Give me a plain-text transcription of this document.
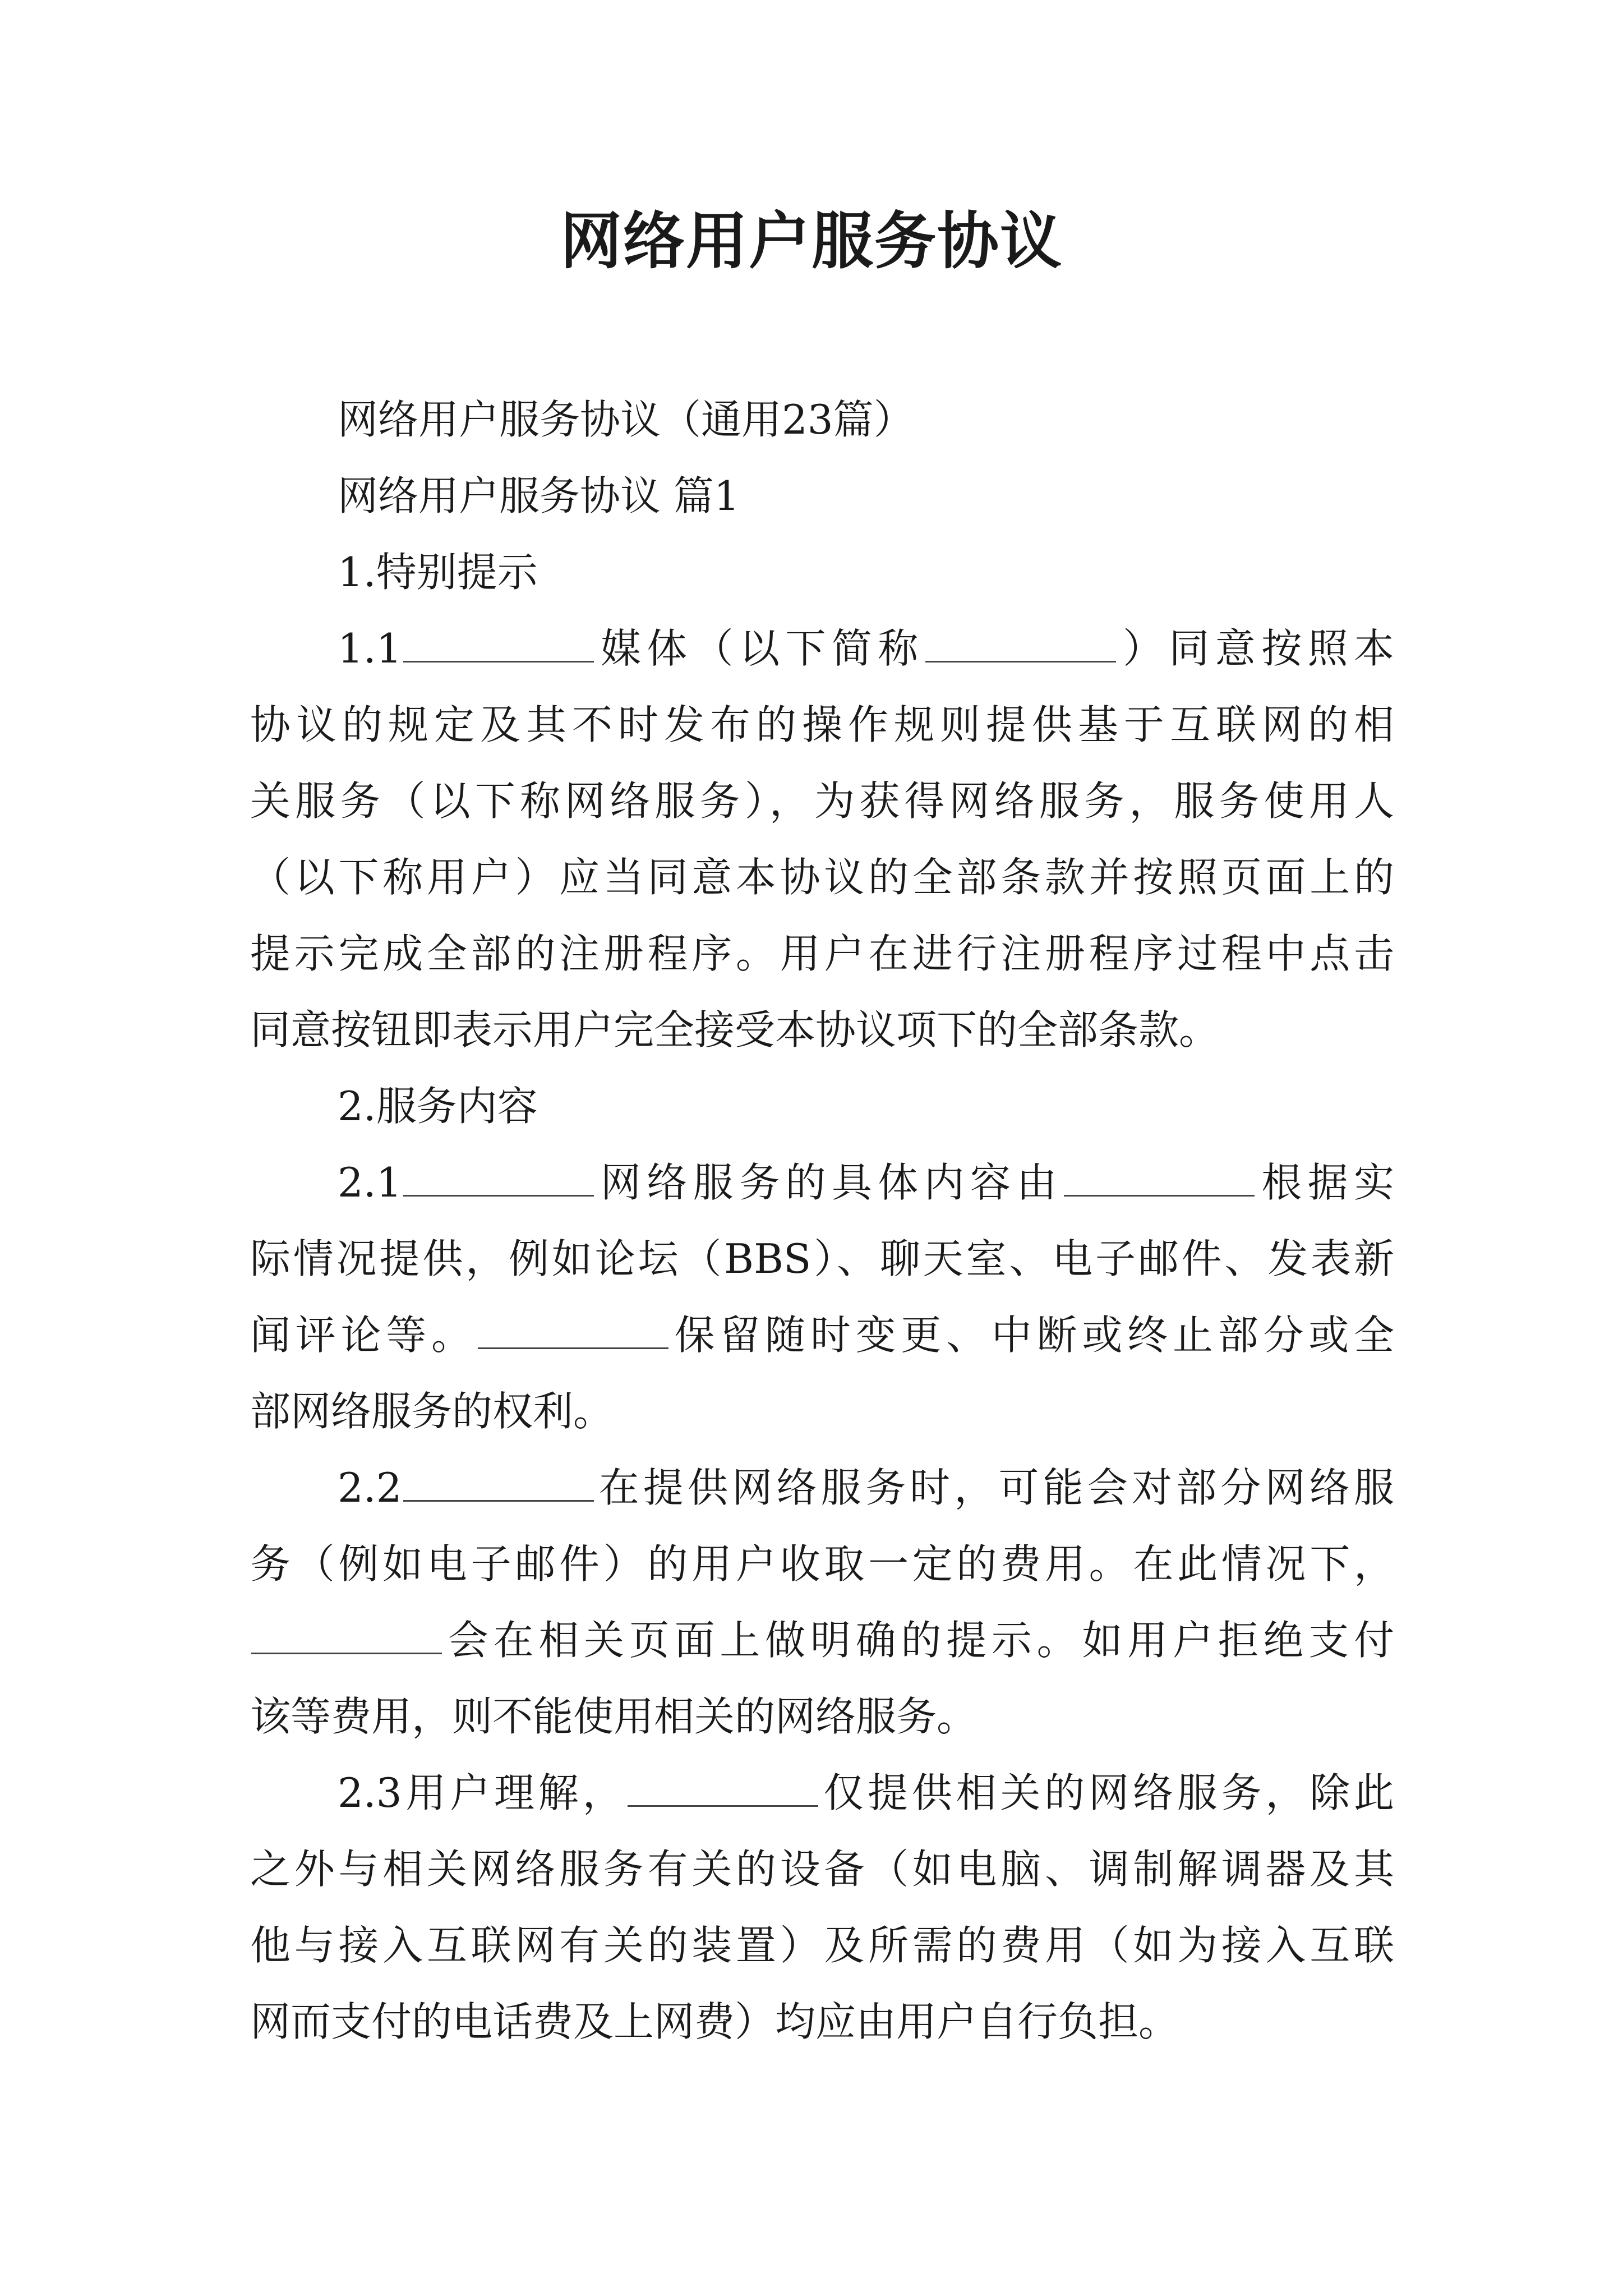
网络用户服务协议
网络用户服务协议（通用23篇）
网络用户服务协议 篇1
1.特别提示
1.1	媒体（以下简称	）同意按照本
协议的规定及其不时发布的操作规则提供基于互联网的相
关服务（以下称网络服务），为获得网络服务，服务使用人
（以下称用户）应当同意本协议的全部条款并按照页面上的
提示完成全部的注册程序。用户在进行注册程序过程中点击
同意按钮即表示用户完全接受本协议项下的全部条款。
2.服务内容
2.1	网络服务的具体内容由	根据实
际情况提供，例如论坛（BBS）、聊天室、电子邮件、发表新
闻评论等。	保留随时变更、中断或终止部分或全
部网络服务的权利。
2.2	在提供网络服务时，可能会对部分网络服
务（例如电子邮件）的用户收取一定的费用。在此情况下，
会在相关页面上做明确的提示。如用户拒绝支付
该等费用，则不能使用相关的网络服务。
2.3用户理解，	仅提供相关的网络服务，除此
之外与相关网络服务有关的设备（如电脑、调制解调器及其
他与接入互联网有关的装置）及所需的费用（如为接入互联
网而支付的电话费及上网费）均应由用户自行负担。
